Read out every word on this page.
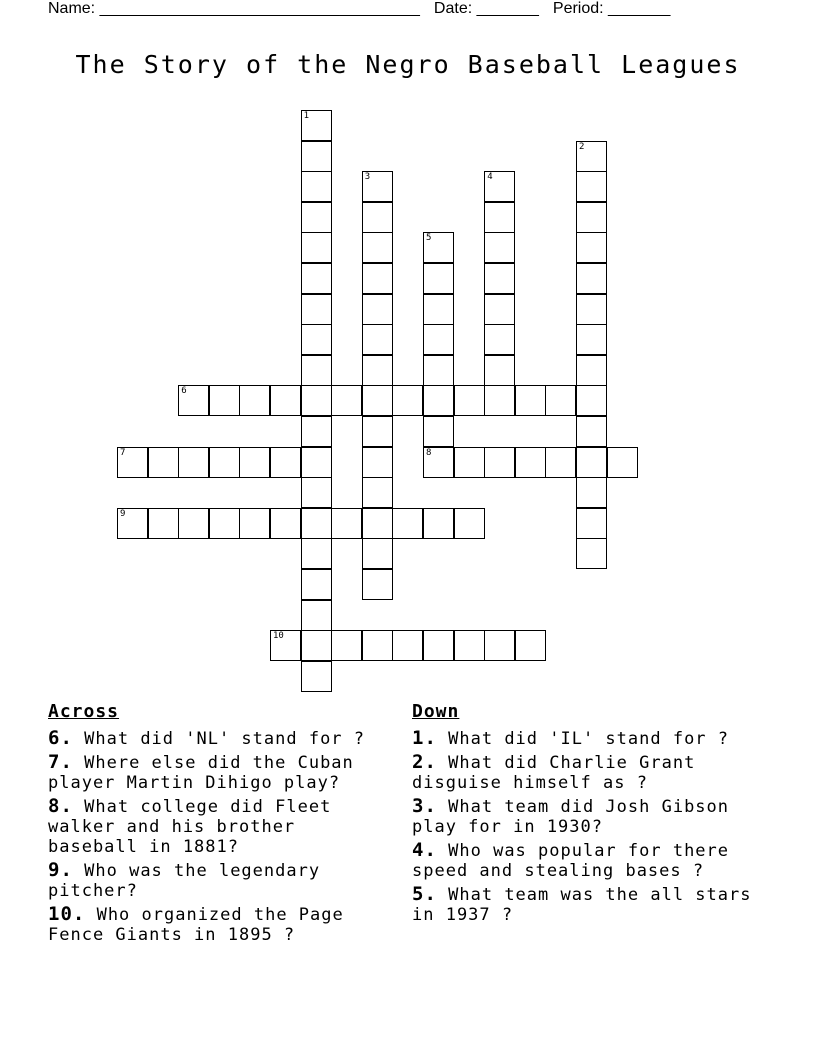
Name: ____________________________________ Date: _______ Period: _______
The Story of the Negro Baseball Leagues
1
2
3	4
5
8
6
7
9
10
Across
6. What did 'NL' stand for ?
7. Where else did the Cuban player Martin Dihigo play?
8. What college did Fleet walker and his brother baseball in 1881?
9. Who was the legendary pitcher?
10. Who organized the Page Fence Giants in 1895 ?
Down
1. What did 'IL' stand for ?
2. What did Charlie Grant disguise himself as ?
3. What team did Josh Gibson play for in 1930?
4. Who was popular for there speed and stealing bases ?
5. What team was the all stars in 1937 ?
